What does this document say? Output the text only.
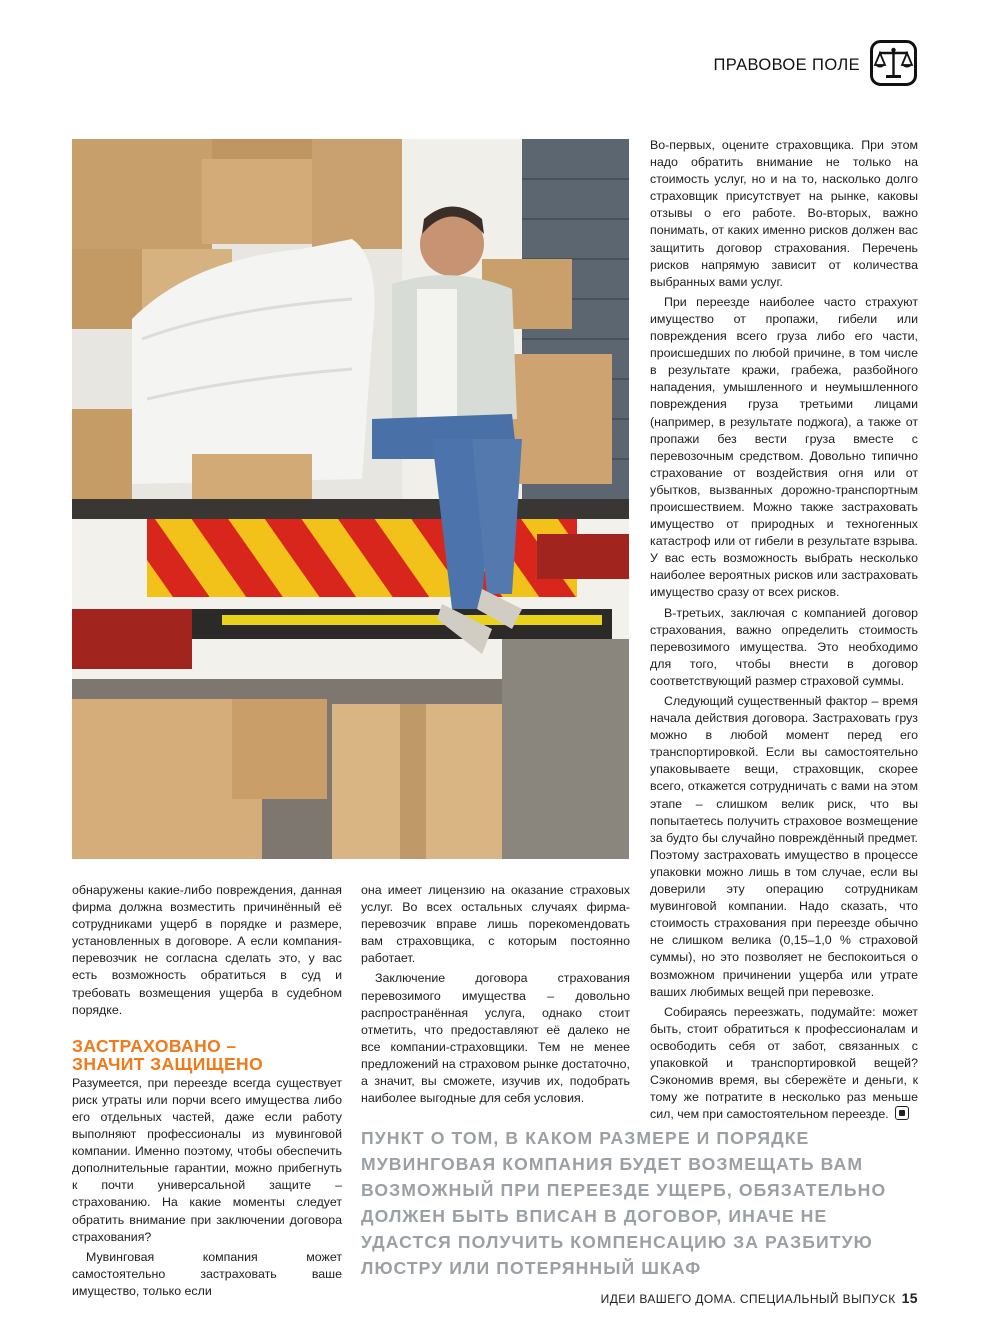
ПРАВОВОЕ ПОЛЕ

Во-первых, оцените страховщика. При этом надо обратить внимание не только на стоимость услуг, но и на то, насколько долго страховщик присутствует на рынке, каковы отзывы о его работе. Во-вторых, важно понимать, от каких именно рисков должен вас защитить договор страхования. Перечень рисков напрямую зависит от количества выбранных вами услуг.

При переезде наиболее часто страхуют имущество от пропажи, гибели или повреждения всего груза либо его части, происшедших по любой причине, в том числе в результате кражи, грабежа, разбойного нападения, умышленного и неумышленного повреждения груза третьими лицами (например, в результате поджога), а также от пропажи без вести груза вместе с перевозочным средством. Довольно типично страхование от воздействия огня или от убытков, вызванных дорожно-транспортным происшествием. Можно также застраховать имущество от природных и техногенных катастроф или от гибели в результате взрыва. У вас есть возможность выбрать несколько наиболее вероятных рисков или застраховать имущество сразу от всех рисков.

В-третьих, заключая с компанией договор страхования, важно определить стоимость перевозимого имущества. Это необходимо для того, чтобы внести в договор соответствующий размер страховой суммы.

Следующий существенный фактор – время начала действия договора. Застраховать груз можно в любой момент перед его транспортировкой. Если вы самостоятельно упаковываете вещи, страховщик, скорее всего, откажется сотрудничать с вами на этом этапе – слишком велик риск, что вы попытаетесь получить страховое возмещение за будто бы случайно повреждённый предмет. Поэтому застраховать имущество в процессе упаковки можно лишь в том случае, если вы доверили эту операцию сотрудникам мувинговой компании. Надо сказать, что стоимость страхования при переезде обычно не слишком велика (0,15–1,0 % страховой суммы), но это позволяет не беспокоиться о возможном причинении ущерба или утрате ваших любимых вещей при перевозке.

Собираясь переезжать, подумайте: может быть, стоит обратиться к профессионалам и освободить себя от забот, связанных с упаковкой и транспортировкой вещей? Сэкономив время, вы сбережёте и деньги, к тому же потратите в несколько раз меньше сил, чем при самостоятельном переезде.

обнаружены какие-либо повреждения, данная фирма должна возместить причинённый её сотрудниками ущерб в порядке и размере, установленных в договоре. А если компания-перевозчик не согласна сделать это, у вас есть возможность обратиться в суд и требовать возмещения ущерба в судебном порядке.

ЗАСТРАХОВАНО –
ЗНАЧИТ ЗАЩИЩЕНО

Разумеется, при переезде всегда существует риск утраты или порчи всего имущества либо его отдельных частей, даже если работу выполняют профессионалы из мувинговой компании. Именно поэтому, чтобы обеспечить дополнительные гарантии, можно прибегнуть к почти универсальной защите – страхованию. На какие моменты следует обратить внимание при заключении договора страхования?

Мувинговая компания может самостоятельно застраховать ваше имущество, только если

она имеет лицензию на оказание страховых услуг. Во всех остальных случаях фирма-перевозчик вправе лишь порекомендовать вам страховщика, с которым постоянно работает.

Заключение договора страхования перевозимого имущества – довольно распространённая услуга, однако стоит отметить, что предоставляют её далеко не все компании-страховщики. Тем не менее предложений на страховом рынке достаточно, а значит, вы сможете, изучив их, подобрать наиболее выгодные для себя условия.

ПУНКТ О ТОМ, В КАКОМ РАЗМЕРЕ И ПОРЯДКЕ МУВИНГОВАЯ КОМПАНИЯ БУДЕТ ВОЗМЕЩАТЬ ВАМ ВОЗМОЖНЫЙ ПРИ ПЕРЕЕЗДЕ УЩЕРБ, ОБЯЗАТЕЛЬНО ДОЛЖЕН БЫТЬ ВПИСАН В ДОГОВОР, ИНАЧЕ НЕ УДАСТСЯ ПОЛУЧИТЬ КОМПЕНСАЦИЮ ЗА РАЗБИТУЮ ЛЮСТРУ ИЛИ ПОТЕРЯННЫЙ ШКАФ
ИДЕИ ВАШЕГО ДОМА. СПЕЦИАЛЬНЫЙ ВЫПУСК 15
